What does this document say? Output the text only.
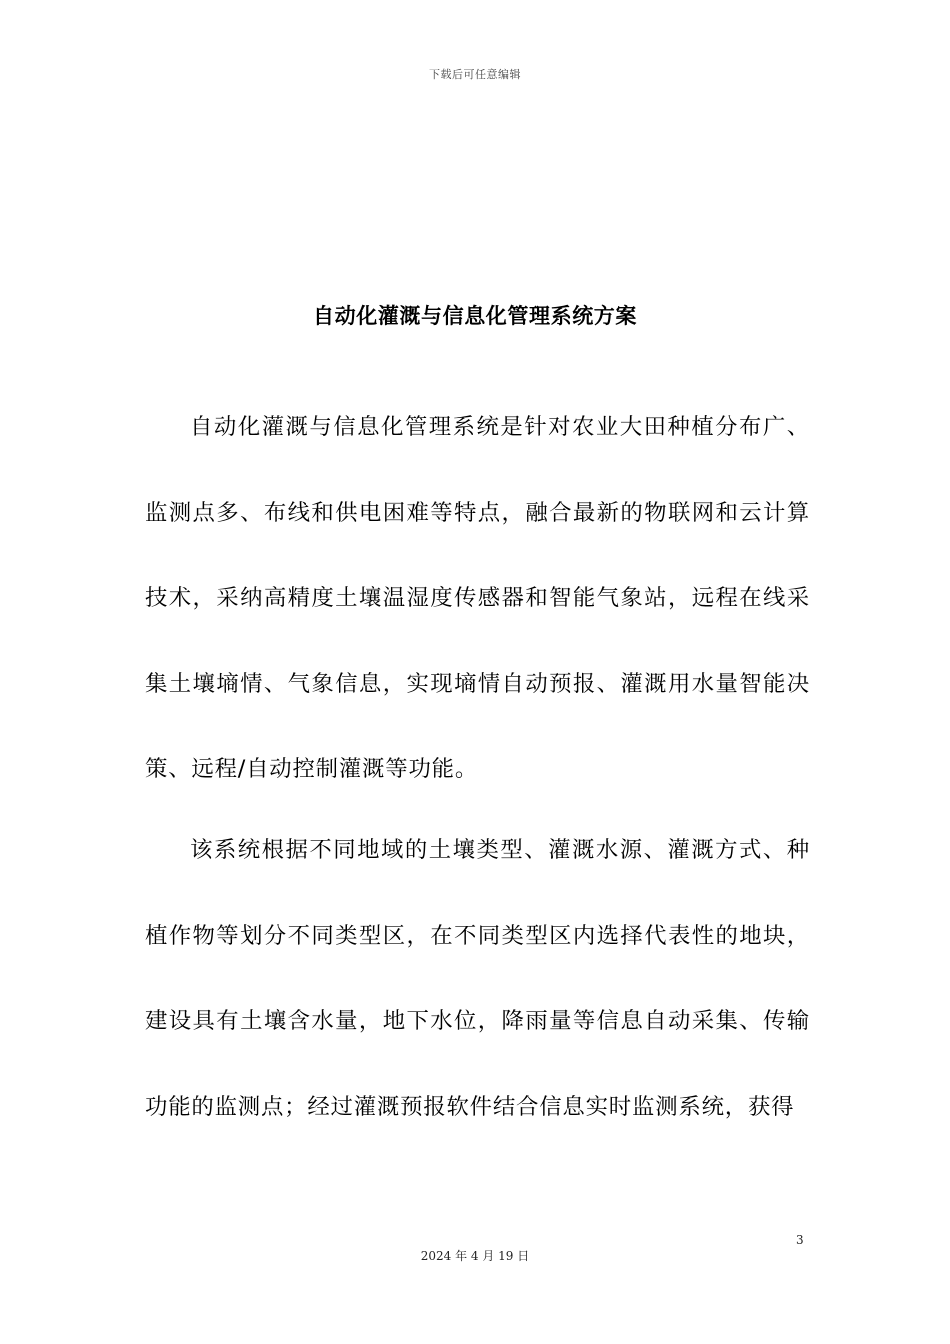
下载后可任意编辑
自动化灌溉与信息化管理系统方案

自动化灌溉与信息化管理系统是针对农业大田种植分布广、监测点多、布线和供电困难等特点，融合最新的物联网和云计算技术，采纳高精度土壤温湿度传感器和智能气象站，远程在线采集土壤墒情、气象信息，实现墒情自动预报、灌溉用水量智能决策、远程/自动控制灌溉等功能。

该系统根据不同地域的土壤类型、灌溉水源、灌溉方式、种植作物等划分不同类型区，在不同类型区内选择代表性的地块，建设具有土壤含水量，地下水位，降雨量等信息自动采集、传输功能的监测点；经过灌溉预报软件结合信息实时监测系统，获得

3
2024 年 4 月 19 日
